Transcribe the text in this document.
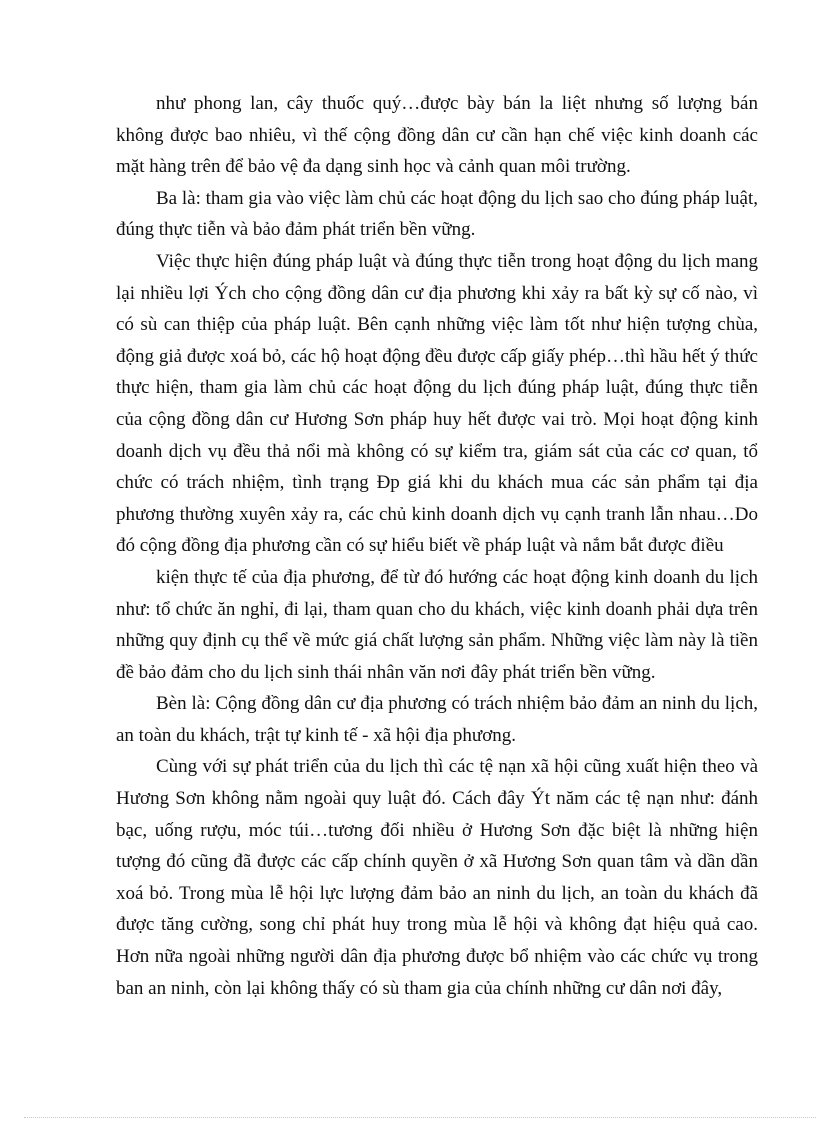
như phong lan, cây thuốc quý…được bày bán la liệt nhưng số lượng bán không được bao nhiêu, vì thế cộng đồng dân cư cần hạn chế việc kinh doanh các mặt hàng trên để bảo vệ đa dạng sinh học và cảnh quan môi trường.

Ba là: tham gia vào việc làm chủ các hoạt động du lịch sao cho đúng pháp luật, đúng thực tiễn và bảo đảm phát triển bền vững.

Việc thực hiện đúng pháp luật và đúng thực tiễn trong hoạt động du lịch mang lại nhiều lợi Ých cho cộng đồng dân cư địa phương khi xảy ra bất kỳ sự cố nào, vì có sù can thiệp của pháp luật. Bên cạnh những việc làm tốt như hiện tượng chùa, động giả được xoá bỏ, các hộ hoạt động đều được cấp giấy phép…thì hầu hết ý thức thực hiện, tham gia làm chủ các hoạt động du lịch đúng pháp luật, đúng thực tiễn của cộng đồng dân cư Hương Sơn pháp huy hết được vai trò. Mọi hoạt động kinh doanh dịch vụ đều thả nổi mà không có sự kiểm tra, giám sát của các cơ quan, tổ chức có trách nhiệm, tình trạng Đp giá khi du khách mua các sản phẩm tại địa phương thường xuyên xảy ra, các chủ kinh doanh dịch vụ cạnh tranh lẫn nhau…Do đó cộng đồng địa phương cần có sự hiểu biết về pháp luật và nắm bắt được điều

kiện thực tế của địa phương, để từ đó hướng các hoạt động kinh doanh du lịch như: tổ chức ăn nghỉ, đi lại, tham quan cho du khách, việc kinh doanh phải dựa trên những quy định cụ thể về mức giá chất lượng sản phẩm. Những việc làm này là tiền đề bảo đảm cho du lịch sinh thái nhân văn nơi đây phát triển bền vững.

Bèn là: Cộng đồng dân cư địa phương có trách nhiệm bảo đảm an ninh du lịch, an toàn du khách, trật tự kinh tế - xã hội địa phương.

Cùng với sự phát triển của du lịch thì các tệ nạn xã hội cũng xuất hiện theo và Hương Sơn không nằm ngoài quy luật đó. Cách đây Ýt năm các tệ nạn như: đánh bạc, uống rượu, móc túi…tương đối nhiều ở Hương Sơn đặc biệt là những hiện tượng đó cũng đã được các cấp chính quyền ở xã Hương Sơn quan tâm và dần dần xoá bỏ. Trong mùa lễ hội lực lượng đảm bảo an ninh du lịch, an toàn du khách đã được tăng cường, song chỉ phát huy trong mùa lễ hội và không đạt hiệu quả cao. Hơn nữa ngoài những người dân địa phương được bổ nhiệm vào các chức vụ trong ban an ninh, còn lại không thấy có sù tham gia của chính những cư dân nơi đây,
